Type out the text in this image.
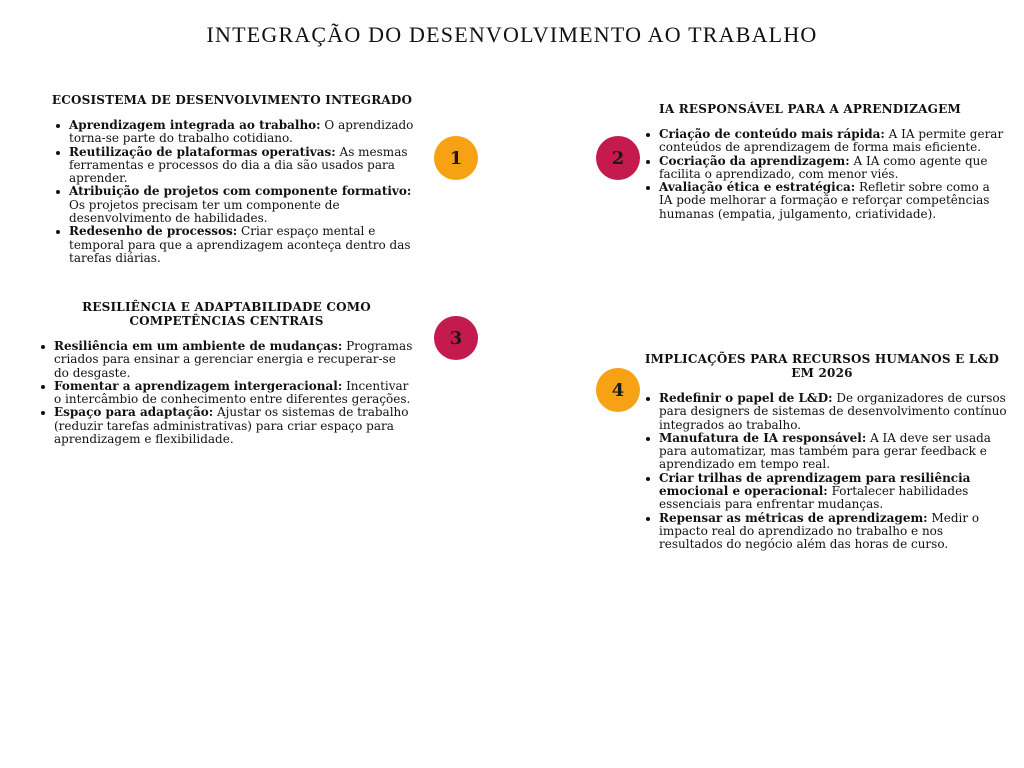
INTEGRAÇÃO DO DESENVOLVIMENTO AO TRABALHO
1	2
3
4
ECOSISTEMA DE DESENVOLVIMENTO INTEGRADO
Aprendizagem integrada ao trabalho: O aprendizado torna-se parte do trabalho cotidiano.
Reutilização de plataformas operativas: As mesmas ferramentas e processos do dia a dia são usados para aprender.
Atribuição de projetos com componente formativo: Os projetos precisam ter um componente de desenvolvimento de habilidades.
Redesenho de processos: Criar espaço mental e temporal para que a aprendizagem aconteça dentro das tarefas diárias.
IA RESPONSÁVEL PARA A APRENDIZAGEM
Criação de conteúdo mais rápida: A IA permite gerar conteúdos de aprendizagem de forma mais eficiente.
Cocriação da aprendizagem: A IA como agente que facilita o aprendizado, com menor viés.
Avaliação ética e estratégica: Refletir sobre como a IA pode melhorar a formação e reforçar competências humanas (empatia, julgamento, criatividade).
RESILIÊNCIA E ADAPTABILIDADE COMO COMPETÊNCIAS CENTRAIS
Resiliência em um ambiente de mudanças: Programas criados para ensinar a gerenciar energia e recuperar-se do desgaste.
Fomentar a aprendizagem intergeracional: Incentivar o intercâmbio de conhecimento entre diferentes gerações.
Espaço para adaptação: Ajustar os sistemas de trabalho (reduzir tarefas administrativas) para criar espaço para aprendizagem e flexibilidade.
IMPLICAÇÕES PARA RECURSOS HUMANOS E L&D EM 2026
Redefinir o papel de L&D: De organizadores de cursos para designers de sistemas de desenvolvimento contínuo integrados ao trabalho.
Manufatura de IA responsável: A IA deve ser usada para automatizar, mas também para gerar feedback e aprendizado em tempo real.
Criar trilhas de aprendizagem para resiliência emocional e operacional: Fortalecer habilidades essenciais para enfrentar mudanças.
Repensar as métricas de aprendizagem: Medir o impacto real do aprendizado no trabalho e nos resultados do negócio além das horas de curso.
